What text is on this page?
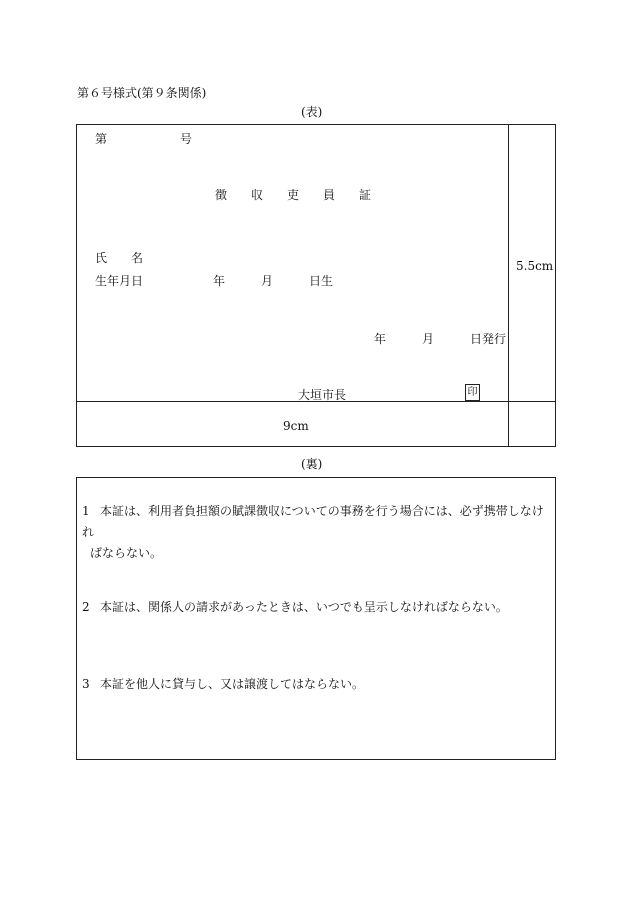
第６号様式(第９条関係)
(表)
第	号
徴　　収　　吏　　員　　証
氏　　名
生年月日	年　　　月　　　日生
年　　　月　　　日発行
大垣市長	印
5.5cm
9cm
(裏)
1 本証は、利用者負担額の賦課徴収についての事務を行う場合には、必ず携帯しなけれ
ばならない。
2 本証は、関係人の請求があったときは、いつでも呈示しなければならない。
3 本証を他人に貸与し、又は譲渡してはならない。
